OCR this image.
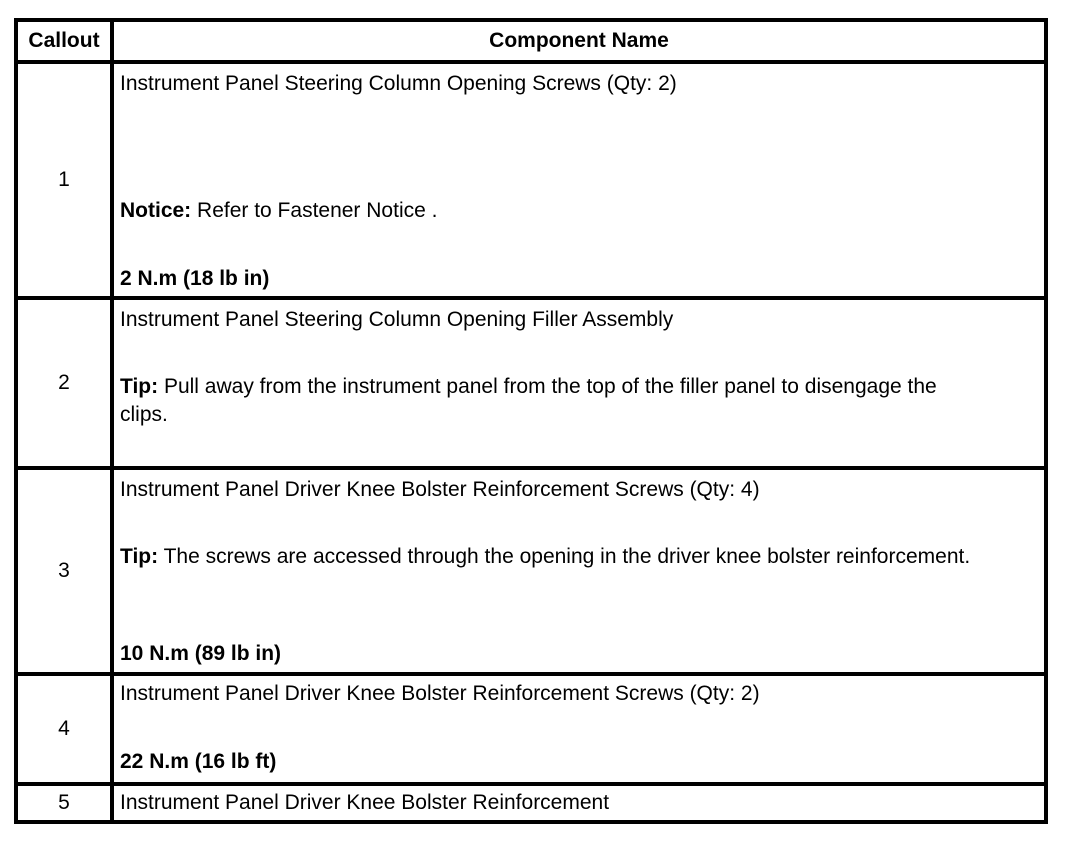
Callout	Component Name
1
Instrument Panel Steering Column Opening Screws (Qty: 2)
Notice: Refer to Fastener Notice .
2 N.m (18 lb in)
2
Instrument Panel Steering Column Opening Filler Assembly
Tip: Pull away from the instrument panel from the top of the filler panel to disengage the clips.
3
Instrument Panel Driver Knee Bolster Reinforcement Screws (Qty: 4)
Tip: The screws are accessed through the opening in the driver knee bolster reinforcement.
10 N.m (89 lb in)
4
Instrument Panel Driver Knee Bolster Reinforcement Screws (Qty: 2)
22 N.m (16 lb ft)
5	Instrument Panel Driver Knee Bolster Reinforcement
